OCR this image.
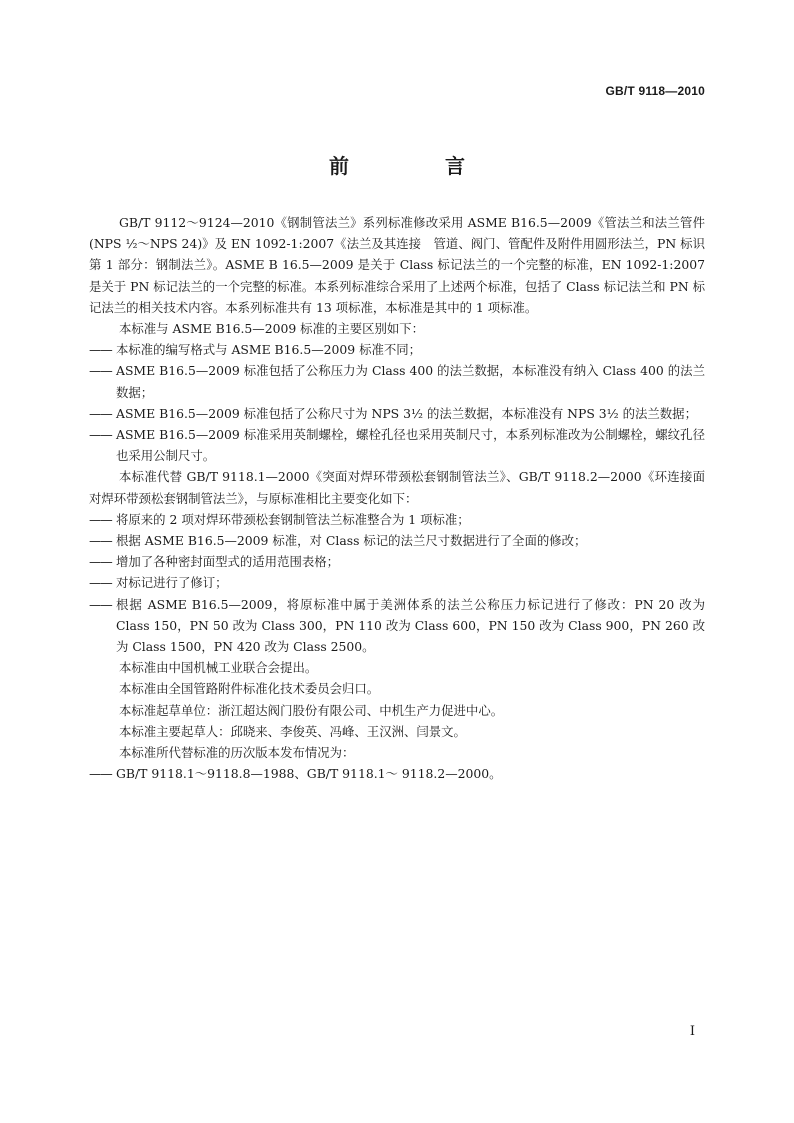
GB/T 9118—2010
前　言

GB/T 9112～9124—2010《钢制管法兰》系列标准修改采用 ASME B16.5—2009《管法兰和法兰管件(NPS ½～NPS 24)》及 EN 1092-1:2007《法兰及其连接　管道、阀门、管配件及附件用圆形法兰，PN 标识第 1 部分：钢制法兰》。ASME B 16.5—2009 是关于 Class 标记法兰的一个完整的标准，EN 1092-1:2007 是关于 PN 标记法兰的一个完整的标准。本系列标准综合采用了上述两个标准，包括了 Class 标记法兰和 PN 标记法兰的相关技术内容。本系列标准共有 13 项标准，本标准是其中的 1 项标准。

本标准与 ASME B16.5—2009 标准的主要区别如下：

—— 本标准的编写格式与 ASME B16.5—2009 标准不同；
—— ASME B16.5—2009 标准包括了公称压力为 Class 400 的法兰数据，本标准没有纳入 Class 400 的法兰数据；
—— ASME B16.5—2009 标准包括了公称尺寸为 NPS 3½ 的法兰数据，本标准没有 NPS 3½ 的法兰数据；
—— ASME B16.5—2009 标准采用英制螺栓，螺栓孔径也采用英制尺寸，本系列标准改为公制螺栓，螺纹孔径也采用公制尺寸。

本标准代替 GB/T 9118.1—2000《突面对焊环带颈松套钢制管法兰》、GB/T 9118.2—2000《环连接面对焊环带颈松套钢制管法兰》，与原标准相比主要变化如下：

—— 将原来的 2 项对焊环带颈松套钢制管法兰标准整合为 1 项标准；
—— 根据 ASME B16.5—2009 标准，对 Class 标记的法兰尺寸数据进行了全面的修改；
—— 增加了各种密封面型式的适用范围表格；
—— 对标记进行了修订；
—— 根据 ASME B16.5—2009，将原标准中属于美洲体系的法兰公称压力标记进行了修改：PN 20 改为 Class 150，PN 50 改为 Class 300，PN 110 改为 Class 600，PN 150 改为 Class 900，PN 260 改为 Class 1500，PN 420 改为 Class 2500。

本标准由中国机械工业联合会提出。

本标准由全国管路附件标准化技术委员会归口。

本标准起草单位：浙江超达阀门股份有限公司、中机生产力促进中心。

本标准主要起草人：邱晓来、李俊英、冯峰、王汉洲、闫景文。

本标准所代替标准的历次版本发布情况为：

—— GB/T 9118.1～9118.8—1988、GB/T 9118.1～ 9118.2—2000。
I
